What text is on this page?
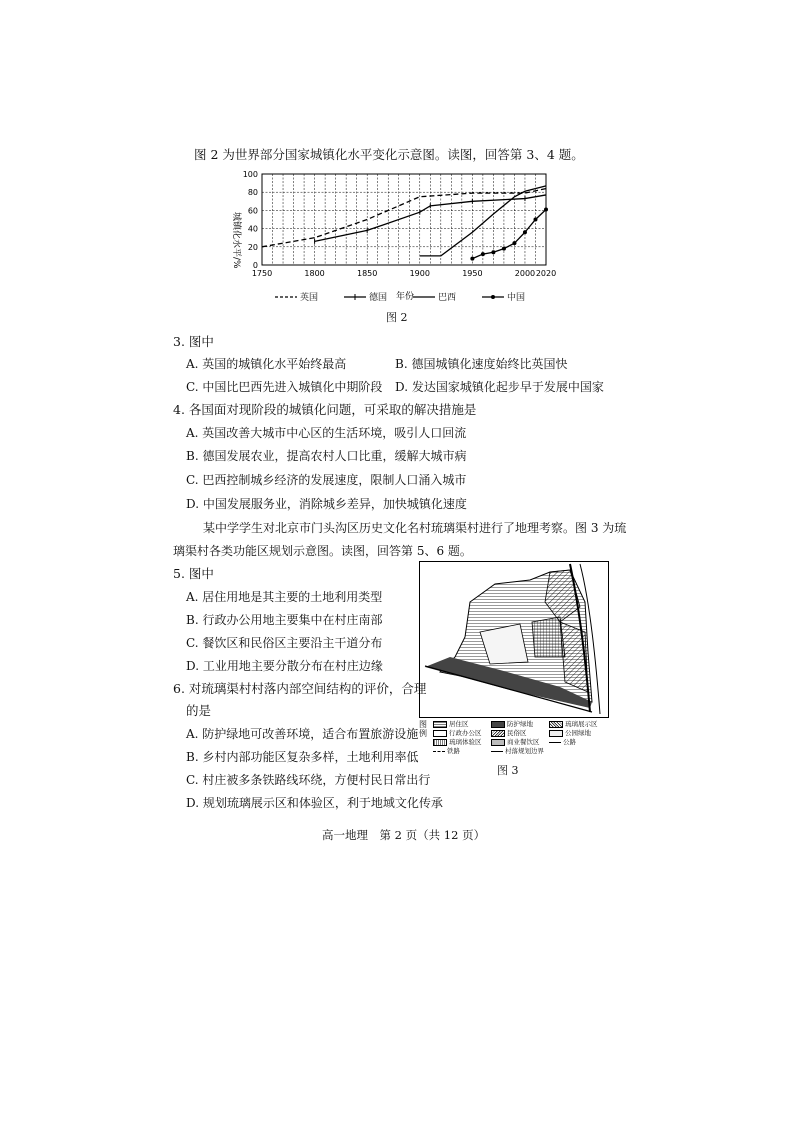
图 2 为世界部分国家城镇化水平变化示意图。读图，回答第 3、4 题。
0
20
40
60
80
100
1750	1800	1850	1900	1950	2000 2020
城镇化水平/%
年份
英国	德国	巴西	中国
图 2
3. 图中
A. 英国的城镇化水平始终最高	B. 德国城镇化速度始终比英国快
C. 中国比巴西先进入城镇化中期阶段 D. 发达国家城镇化起步早于发展中国家
4. 各国面对现阶段的城镇化问题，可采取的解决措施是
A. 英国改善大城市中心区的生活环境，吸引人口回流
B. 德国发展农业，提高农村人口比重，缓解大城市病
C. 巴西控制城乡经济的发展速度，限制人口涌入城市
D. 中国发展服务业，消除城乡差异，加快城镇化速度
某中学学生对北京市门头沟区历史文化名村琉璃渠村进行了地理考察。图 3 为琉
璃渠村各类功能区规划示意图。读图，回答第 5、6 题。
5. 图中
A. 居住用地是其主要的土地利用类型
B. 行政办公用地主要集中在村庄南部
C. 餐饮区和民俗区主要沿主干道分布
D. 工业用地主要分散分布在村庄边缘
6. 对琉璃渠村村落内部空间结构的评价，合理
的是
A. 防护绿地可改善环境，适合布置旅游设施
B. 乡村内部功能区复杂多样，土地利用率低
C. 村庄被多条铁路线环绕，方便村民日常出行
D. 规划琉璃展示区和体验区，利于地域文化传承
图
例
居住区	防护绿地	琉璃展示区
行政办公区	民俗区	公园绿地
琉璃体验区	商业餐饮区	公路
铁路	村落规划边界
图 3
高一地理　第 2 页（共 12 页）
